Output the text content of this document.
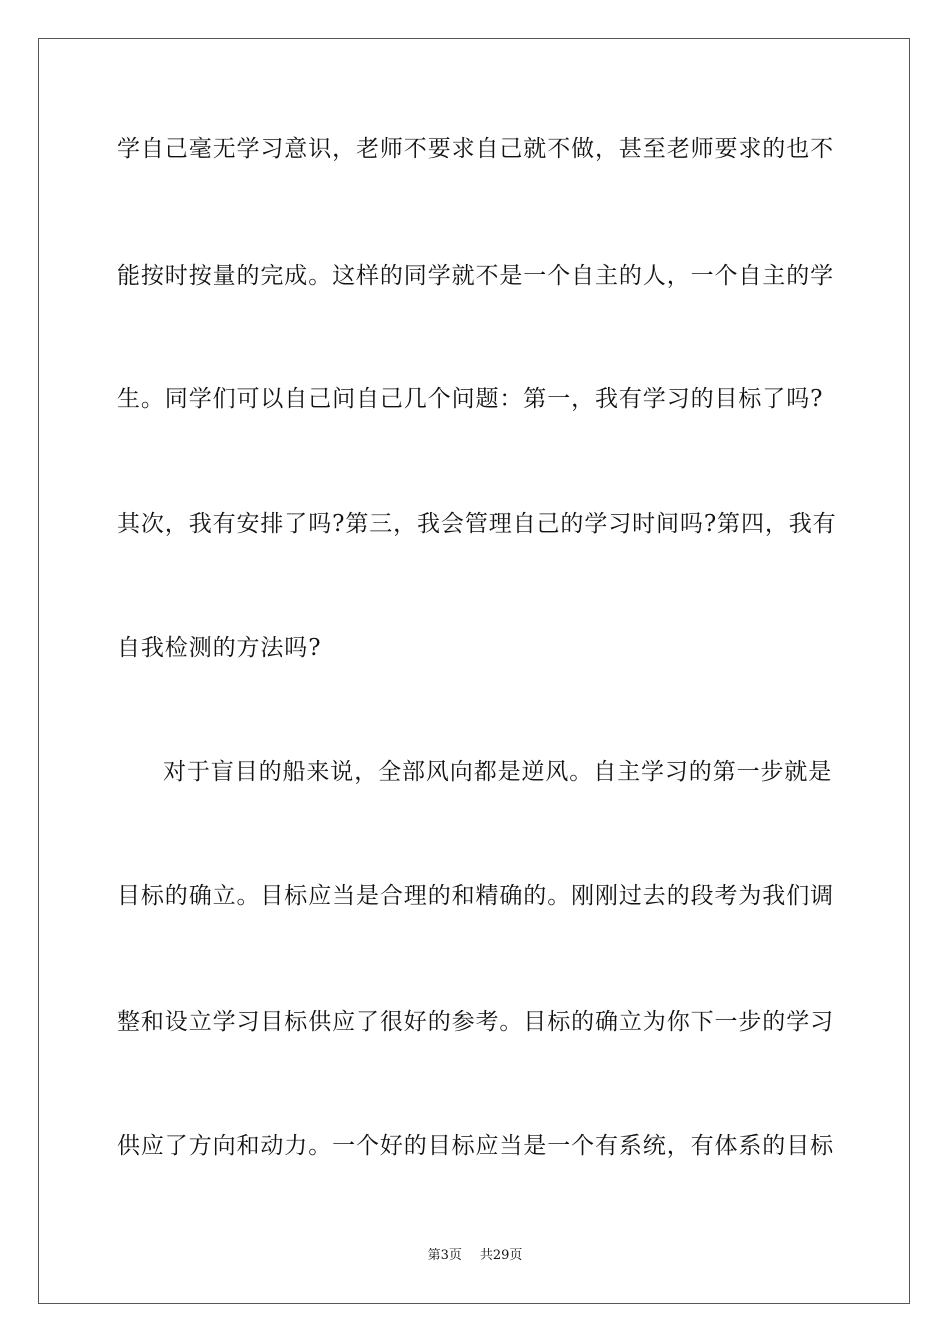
学自己毫无学习意识，老师不要求自己就不做，甚至老师要求的也不
能按时按量的完成。这样的同学就不是一个自主的人，一个自主的学
生。同学们可以自己问自己几个问题：第一，我有学习的目标了吗?
其次，我有安排了吗?第三，我会管理自己的学习时间吗?第四，我有
自我检测的方法吗?
对于盲目的船来说，全部风向都是逆风。自主学习的第一步就是
目标的确立。目标应当是合理的和精确的。刚刚过去的段考为我们调
整和设立学习目标供应了很好的参考。目标的确立为你下一步的学习
供应了方向和动力。一个好的目标应当是一个有系统，有体系的目标
第3页 共29页
